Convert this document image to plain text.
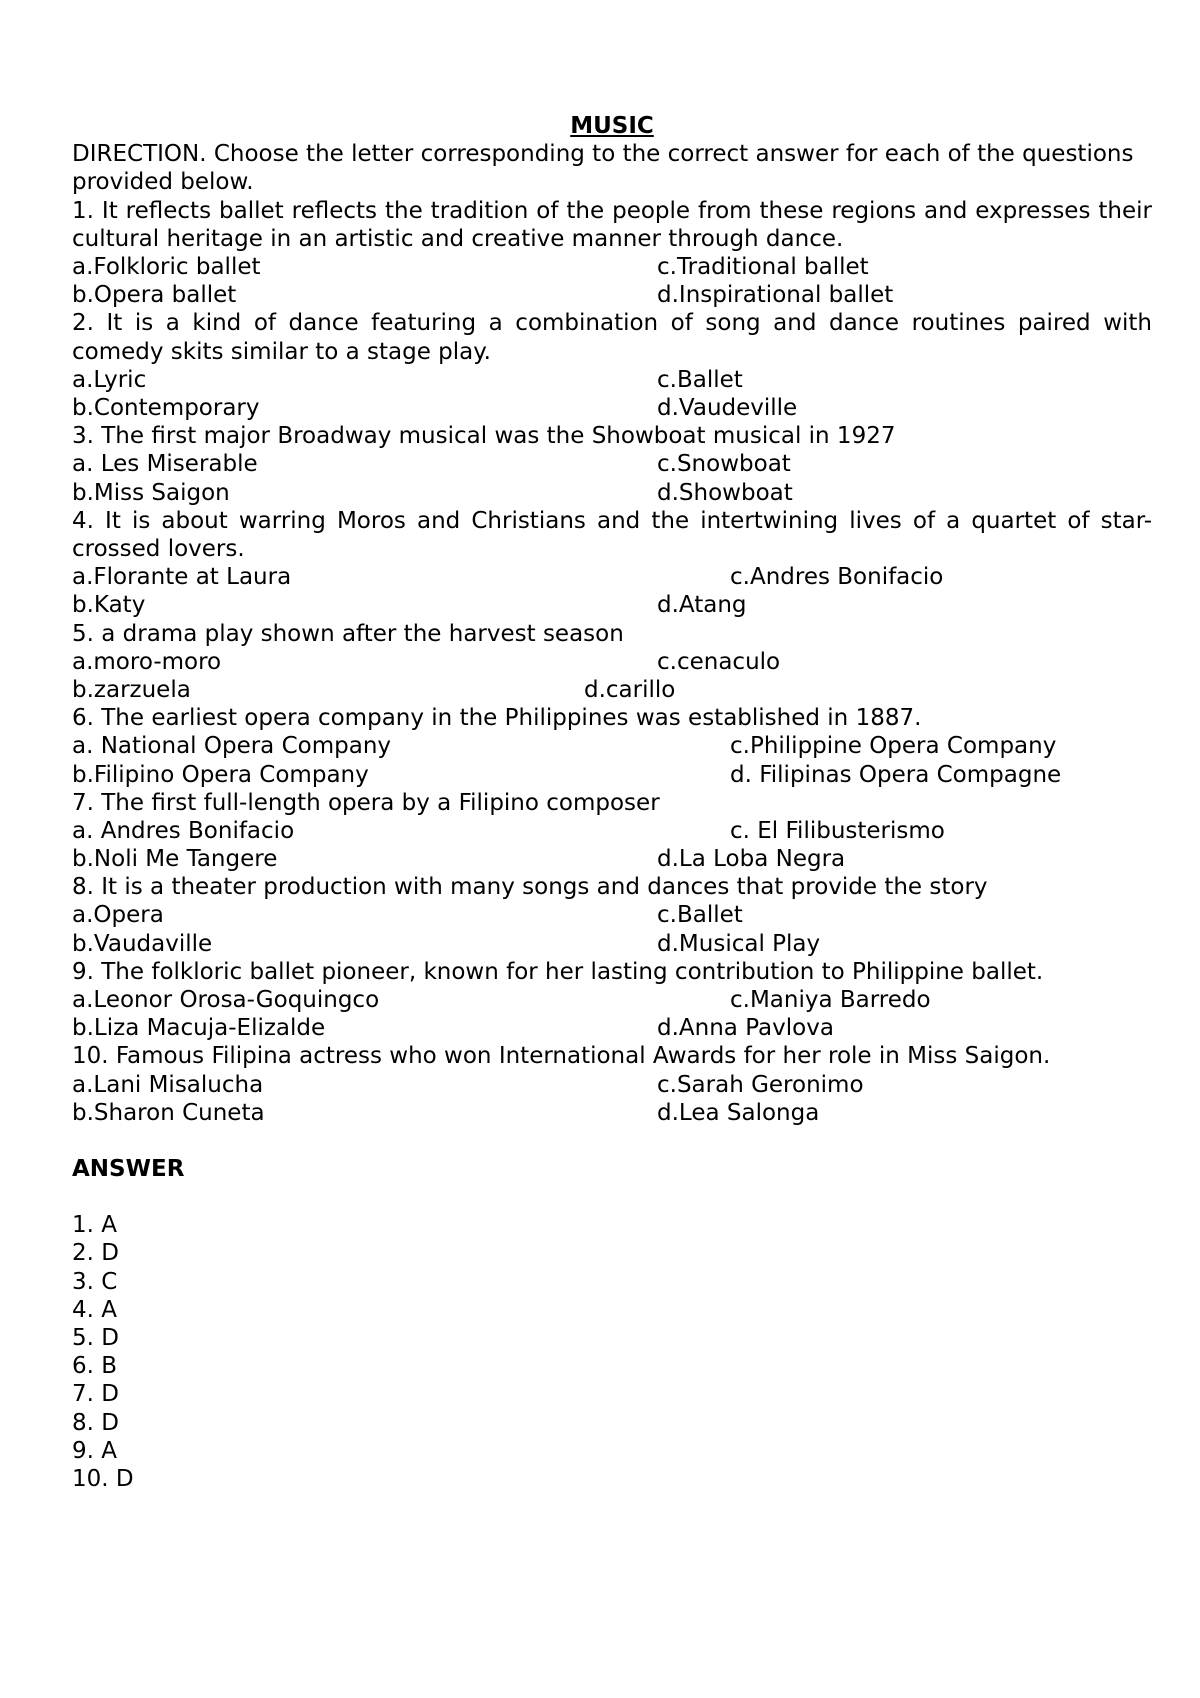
MUSIC
DIRECTION. Choose the letter corresponding to the correct answer for each of the questions provided below.
1. It reflects ballet reflects the tradition of the people from these regions and expresses their cultural heritage in an artistic and creative manner through dance.
a.Folkloric ballet	c.Traditional ballet
b.Opera ballet	d.Inspirational ballet
2. It is a kind of dance featuring a combination of song and dance routines paired with comedy skits similar to a stage play.
a.Lyric	c.Ballet
b.Contemporary	d.Vaudeville
3. The first major Broadway musical was the Showboat musical in 1927
a. Les Miserable	c.Snowboat
b.Miss Saigon	d.Showboat
4. It is about warring Moros and Christians and the intertwining lives of a quartet of star-crossed lovers.
a.Florante at Laura	c.Andres Bonifacio
b.Katy	d.Atang
5. a drama play shown after the harvest season
a.moro-moro	c.cenaculo
b.zarzuela	d.carillo
6. The earliest opera company in the Philippines was established in 1887.
a. National Opera Company	c.Philippine Opera Company
b.Filipino Opera Company	d. Filipinas Opera Compagne
7. The first full-length opera by a Filipino composer
a. Andres Bonifacio	c. El Filibusterismo
b.Noli Me Tangere	d.La Loba Negra
8. It is a theater production with many songs and dances that provide the story
a.Opera	c.Ballet
b.Vaudaville	d.Musical Play
9. The folkloric ballet pioneer, known for her lasting contribution to Philippine ballet.
a.Leonor Orosa-Goquingco	c.Maniya Barredo
b.Liza Macuja-Elizalde	d.Anna Pavlova
10. Famous Filipina actress who won International Awards for her role in Miss Saigon.
a.Lani Misalucha	c.Sarah Geronimo
b.Sharon Cuneta	d.Lea Salonga
ANSWER
1. A
2. D
3. C
4. A
5. D
6. B
7. D
8. D
9. A
10. D
